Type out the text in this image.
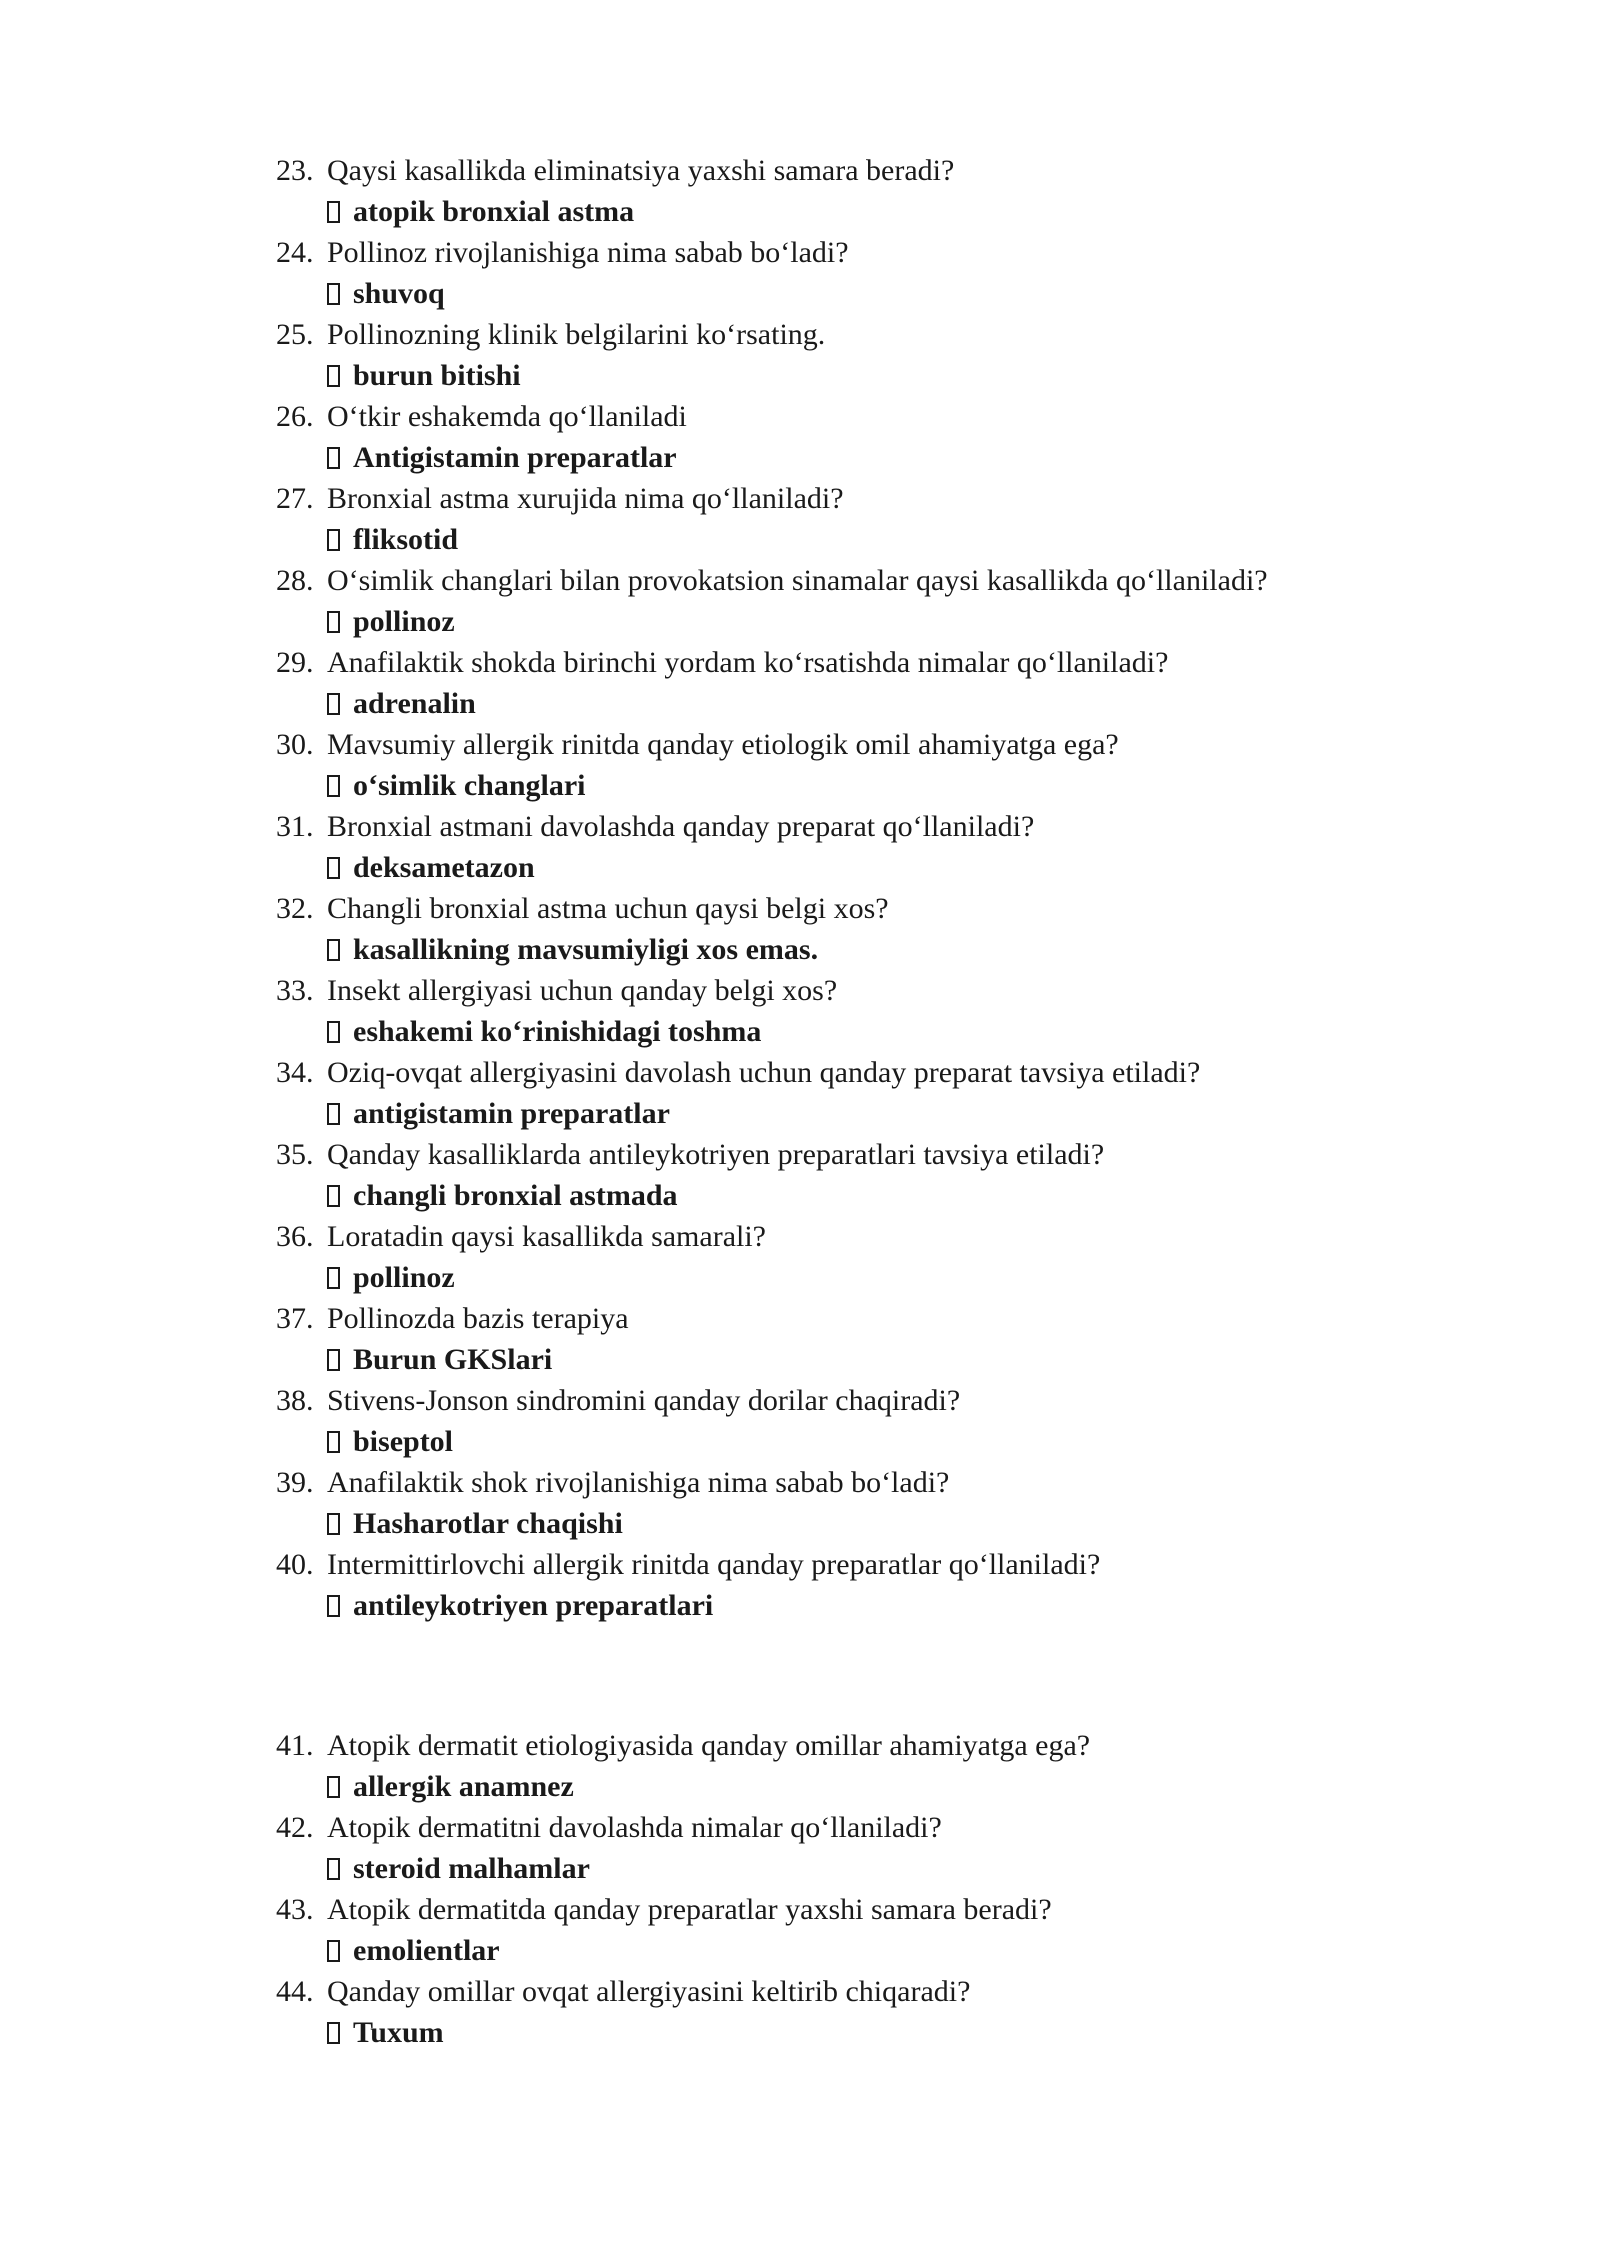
23. Qaysi kasallikda eliminatsiya yaxshi samara beradi?
atopik bronxial astma
24. Pollinoz rivojlanishiga nima sabab bo‘ladi?
shuvoq
25. Pollinozning klinik belgilarini ko‘rsating.
burun bitishi
26. O‘tkir eshakemda qo‘llaniladi
Antigistamin preparatlar
27. Bronxial astma xurujida nima qo‘llaniladi?
fliksotid
28. O‘simlik changlari bilan provokatsion sinamalar qaysi kasallikda qo‘llaniladi?
pollinoz
29. Anafilaktik shokda birinchi yordam ko‘rsatishda nimalar qo‘llaniladi?
adrenalin
30. Mavsumiy allergik rinitda qanday etiologik omil ahamiyatga ega?
o‘simlik changlari
31. Bronxial astmani davolashda qanday preparat qo‘llaniladi?
deksametazon
32. Changli bronxial astma uchun qaysi belgi xos?
kasallikning mavsumiyligi xos emas.
33. Insekt allergiyasi uchun qanday belgi xos?
eshakemi ko‘rinishidagi toshma
34. Oziq-ovqat allergiyasini davolash uchun qanday preparat tavsiya etiladi?
antigistamin preparatlar
35. Qanday kasalliklarda antileykotriyen preparatlari tavsiya etiladi?
changli bronxial astmada
36. Loratadin qaysi kasallikda samarali?
pollinoz
37. Pollinozda bazis terapiya
Burun GKSlari
38. Stivens-Jonson sindromini qanday dorilar chaqiradi?
biseptol
39. Anafilaktik shok rivojlanishiga nima sabab bo‘ladi?
Hasharotlar chaqishi
40. Intermittirlovchi allergik rinitda qanday preparatlar qo‘llaniladi?
antileykotriyen preparatlari
41. Atopik dermatit etiologiyasida qanday omillar ahamiyatga ega?
allergik anamnez
42. Atopik dermatitni davolashda nimalar qo‘llaniladi?
steroid malhamlar
43. Atopik dermatitda qanday preparatlar yaxshi samara beradi?
emolientlar
44. Qanday omillar ovqat allergiyasini keltirib chiqaradi?
Tuxum
